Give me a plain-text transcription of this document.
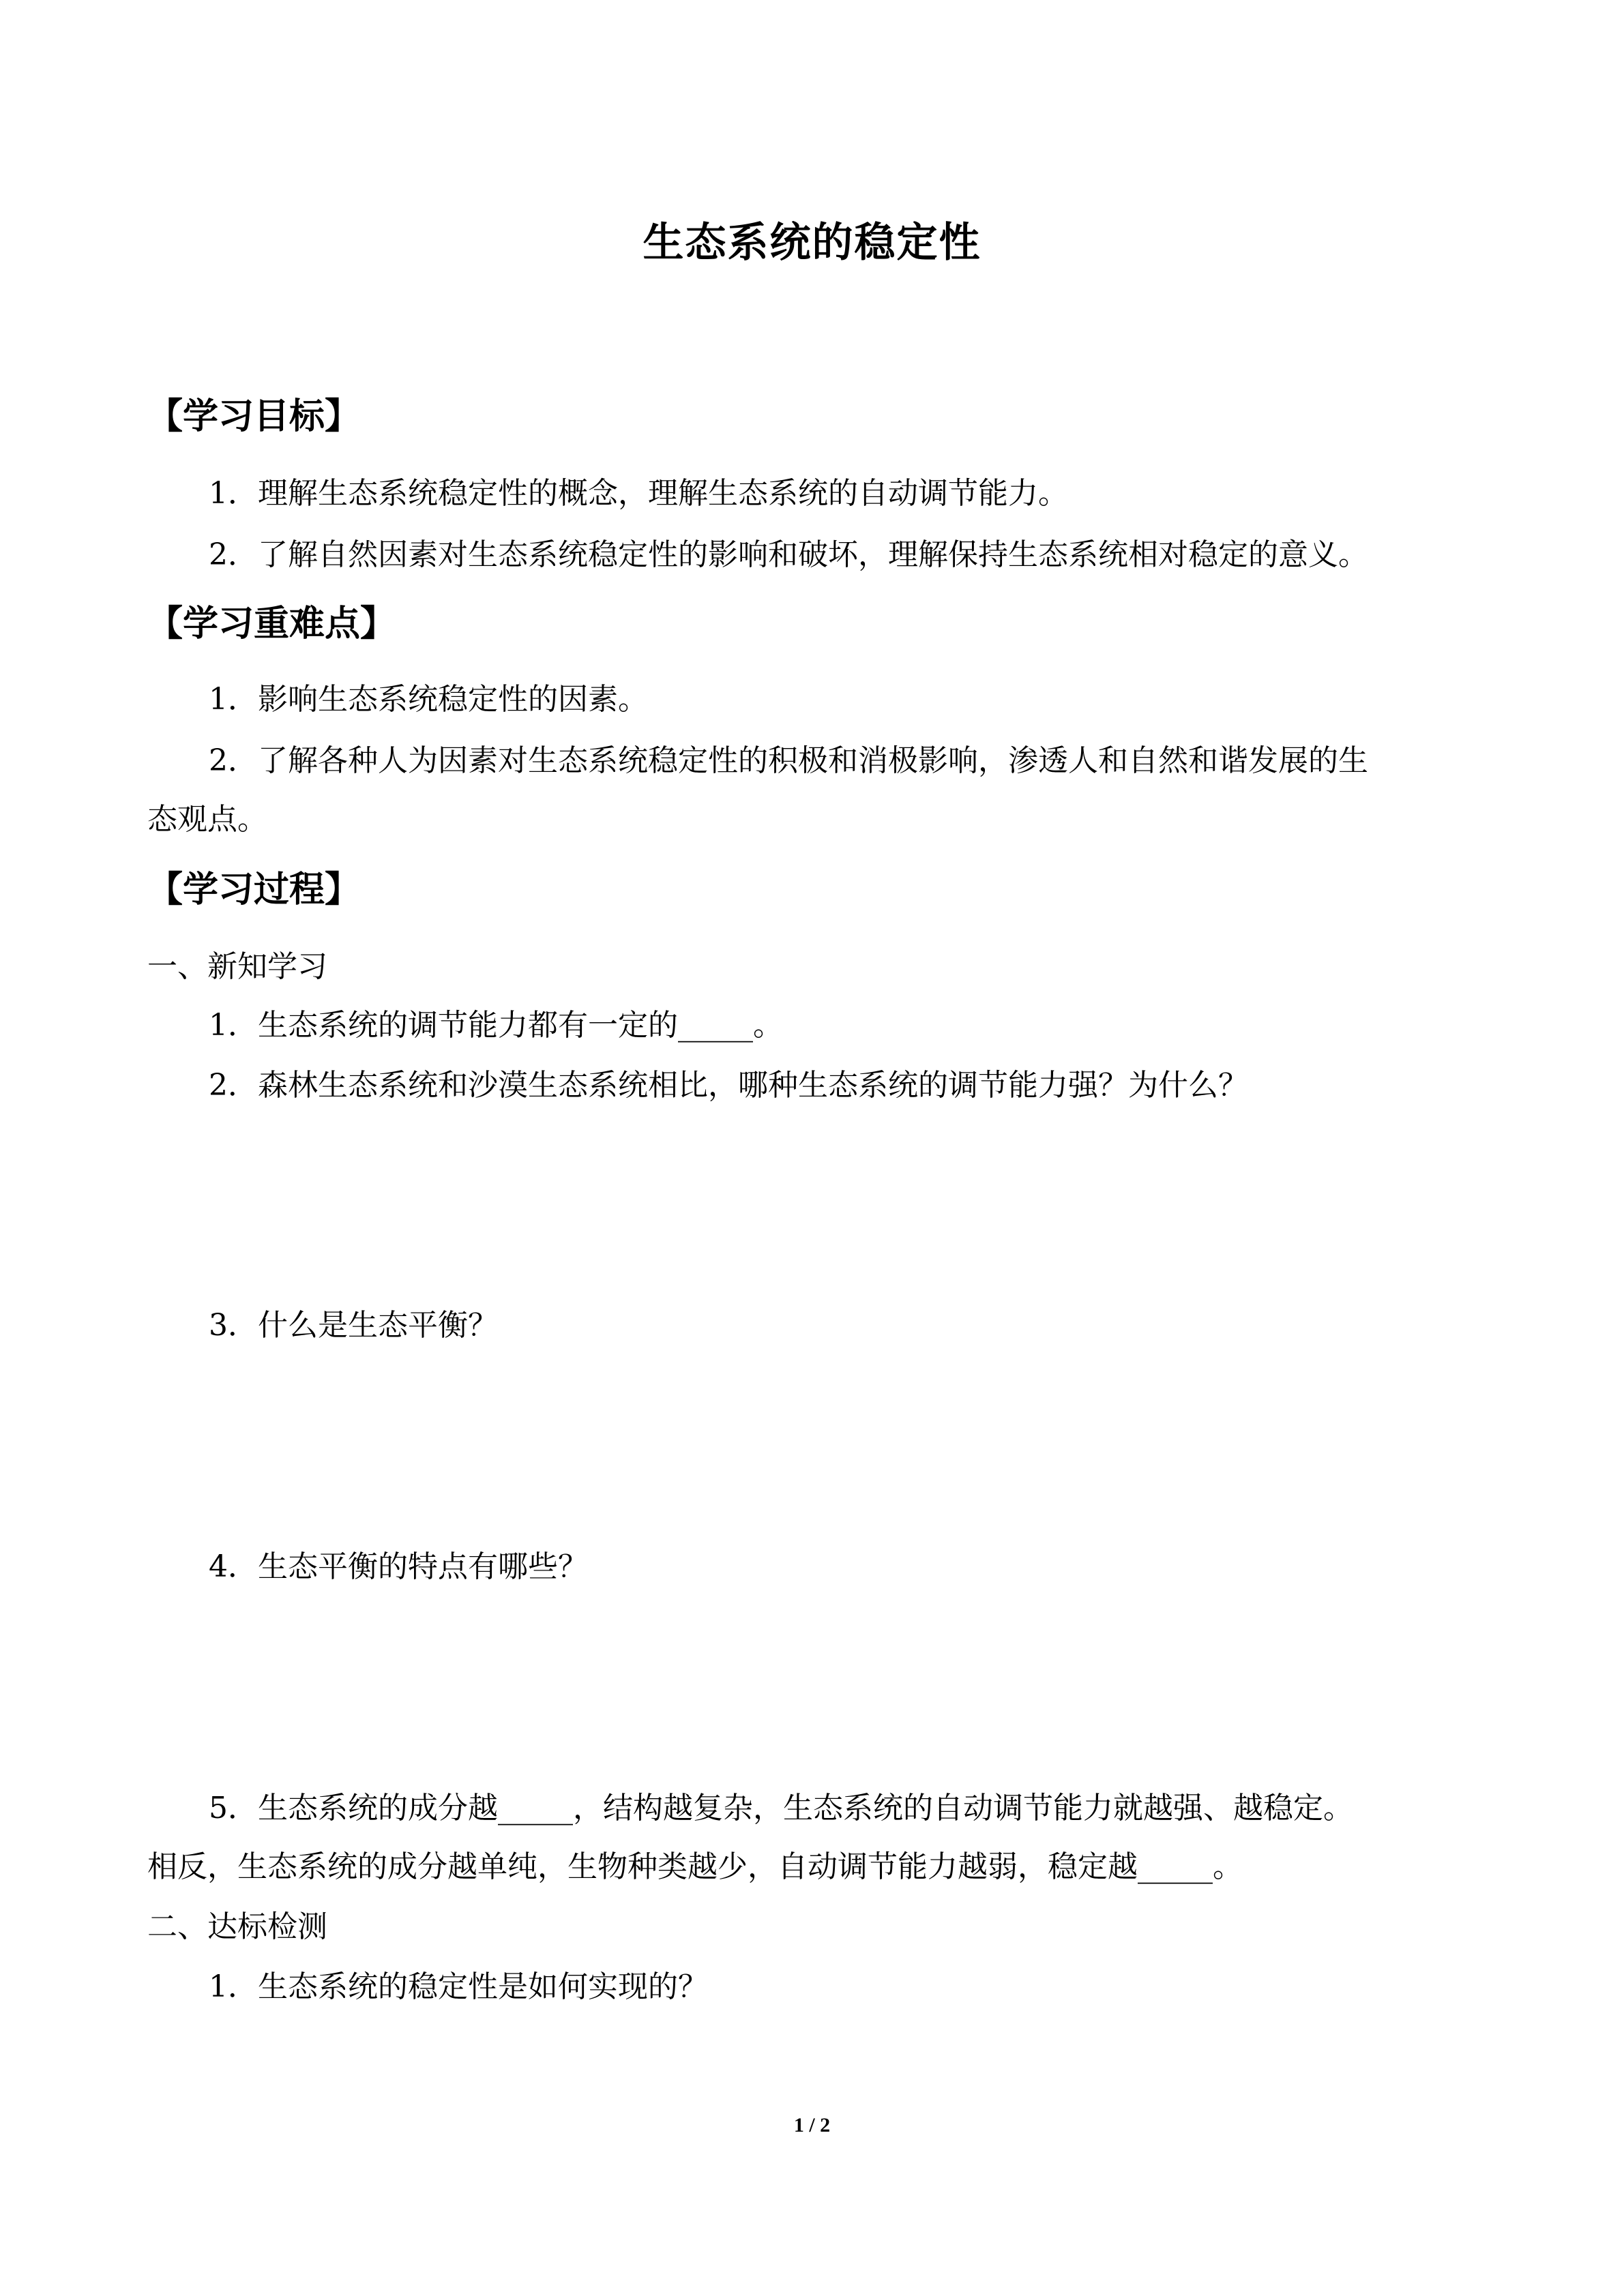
生态系统的稳定性
【学习目标】
1．理解生态系统稳定性的概念，理解生态系统的自动调节能力。
2．了解自然因素对生态系统稳定性的影响和破坏，理解保持生态系统相对稳定的意义。
【学习重难点】
1．影响生态系统稳定性的因素。
2．了解各种人为因素对生态系统稳定性的积极和消极影响，渗透人和自然和谐发展的生
态观点。
【学习过程】
一、新知学习
1．生态系统的调节能力都有一定的_____。
2．森林生态系统和沙漠生态系统相比，哪种生态系统的调节能力强？为什么？
3．什么是生态平衡？
4．生态平衡的特点有哪些？
5．生态系统的成分越_____，结构越复杂，生态系统的自动调节能力就越强、越稳定。
相反，生态系统的成分越单纯，生物种类越少，自动调节能力越弱，稳定越_____。
二、达标检测
1．生态系统的稳定性是如何实现的？
1 / 2
